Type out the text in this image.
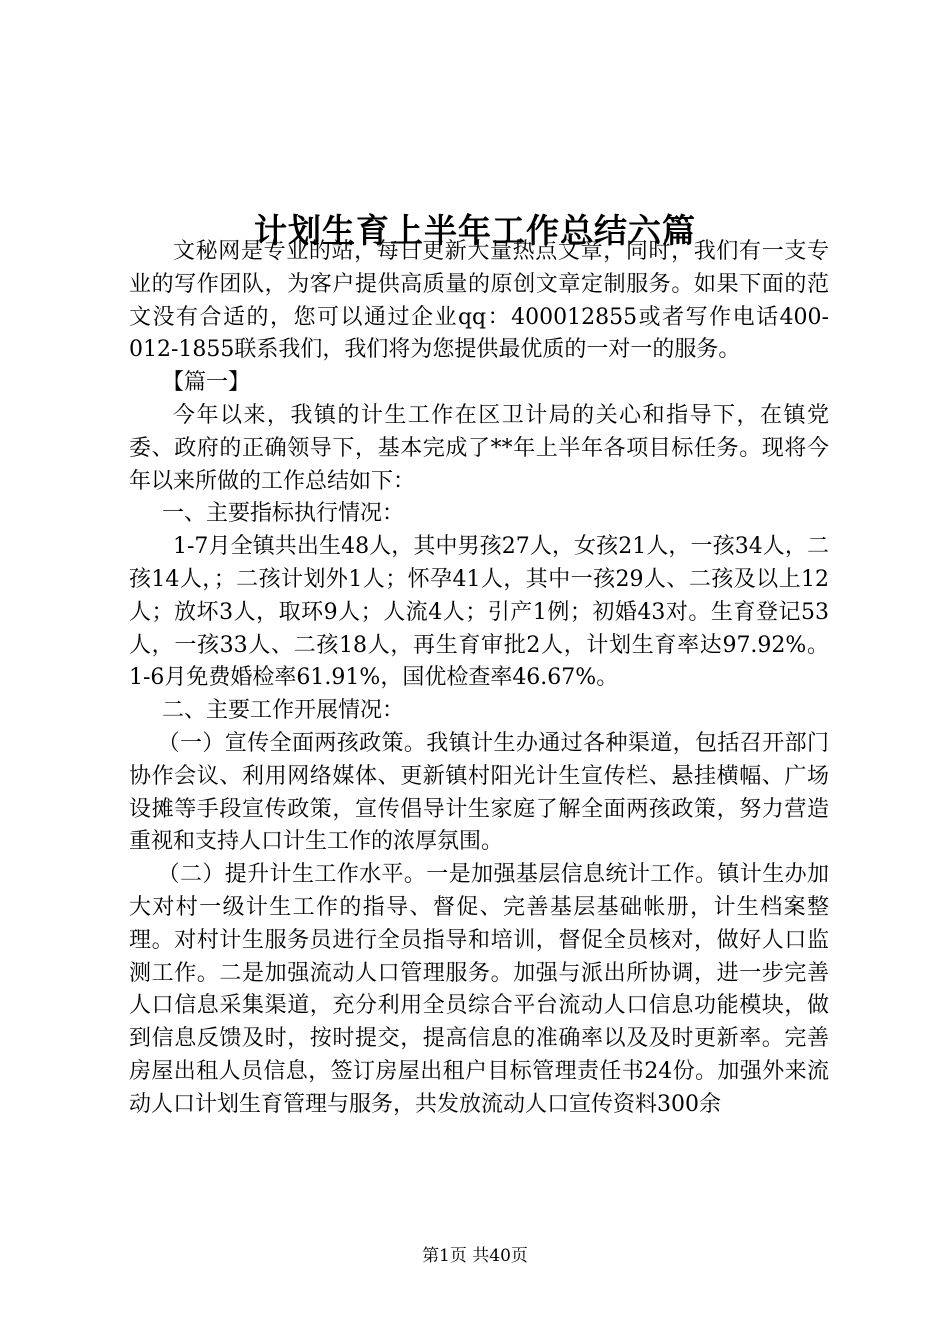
计划生育上半年工作总结六篇

文秘网是专业的站，每日更新大量热点文章，同时，我们有一支专业的写作团队，为客户提供高质量的原创文章定制服务。如果下面的范文没有合适的，您可以通过企业qq：400012855或者写作电话400-012-1855联系我们，我们将为您提供最优质的一对一的服务。

【篇一】

今年以来，我镇的计生工作在区卫计局的关心和指导下，在镇党委、政府的正确领导下，基本完成了**年上半年各项目标任务。现将今年以来所做的工作总结如下：

一、主要指标执行情况：

1-7月全镇共出生48人，其中男孩27人，女孩21人，一孩34人，二孩14人，；二孩计划外1人；怀孕41人，其中一孩29人、二孩及以上12人；放坏3人，取环9人；人流4人；引产1例；初婚43对。生育登记53人，一孩33人、二孩18人，再生育审批2人，计划生育率达97.92%。1-6月免费婚检率61.91%，国优检查率46.67%。

二、主要工作开展情况：

（一）宣传全面两孩政策。我镇计生办通过各种渠道，包括召开部门协作会议、利用网络媒体、更新镇村阳光计生宣传栏、悬挂横幅、广场设摊等手段宣传政策，宣传倡导计生家庭了解全面两孩政策，努力营造重视和支持人口计生工作的浓厚氛围。

（二）提升计生工作水平。一是加强基层信息统计工作。镇计生办加大对村一级计生工作的指导、督促、完善基层基础帐册，计生档案整理。对村计生服务员进行全员指导和培训，督促全员核对，做好人口监测工作。二是加强流动人口管理服务。加强与派出所协调，进一步完善人口信息采集渠道，充分利用全员综合平台流动人口信息功能模块，做到信息反馈及时，按时提交，提高信息的准确率以及及时更新率。完善房屋出租人员信息，签订房屋出租户目标管理责任书24份。加强外来流动人口计划生育管理与服务，共发放流动人口宣传资料300余

第1页 共40页
